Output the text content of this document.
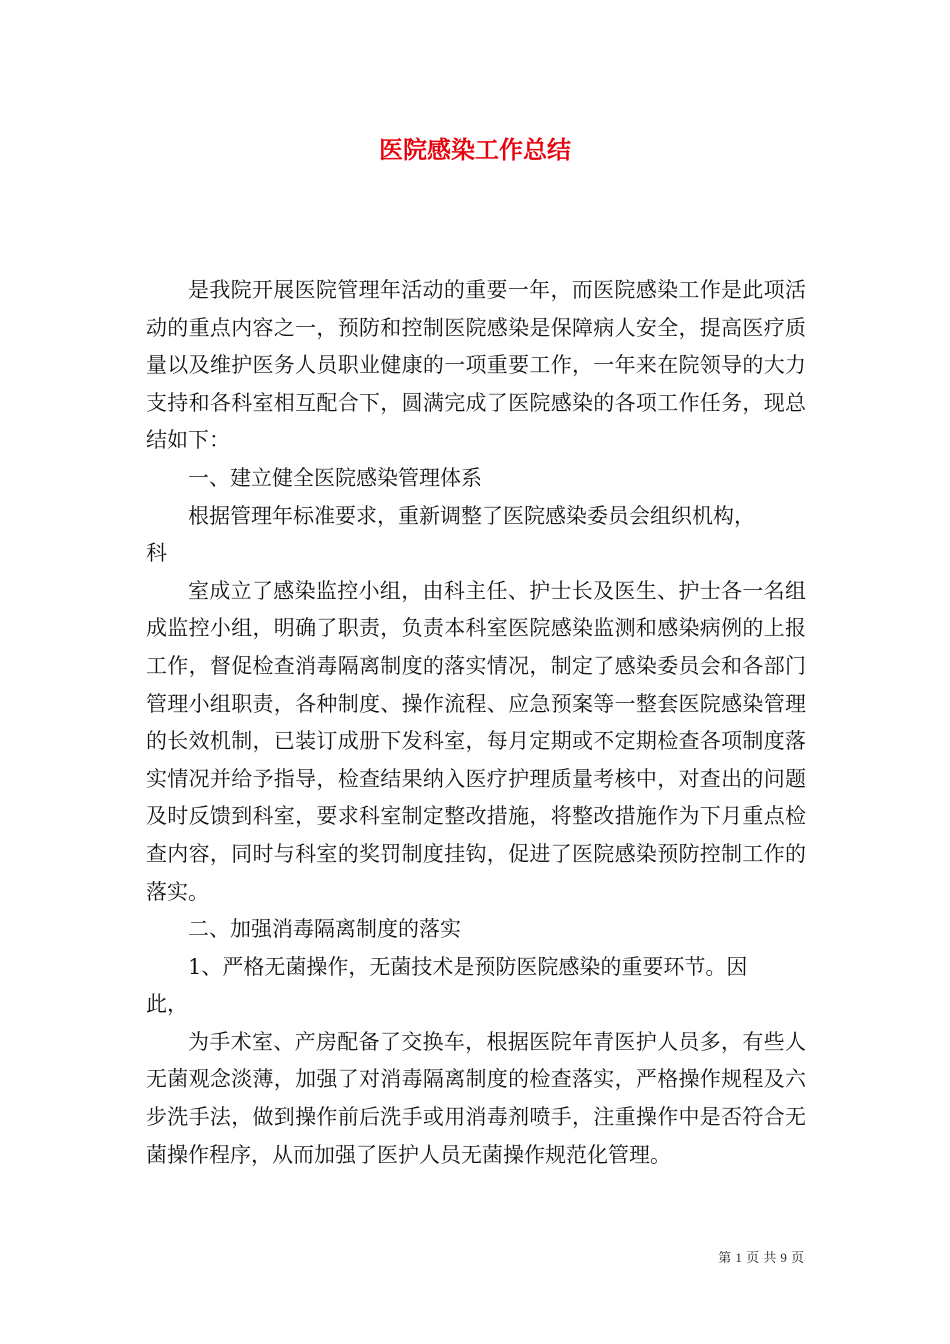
医院感染工作总结

是我院开展医院管理年活动的重要一年，而医院感染工作是此项活动的重点内容之一，预防和控制医院感染是保障病人安全，提高医疗质量以及维护医务人员职业健康的一项重要工作，一年来在院领导的大力支持和各科室相互配合下，圆满完成了医院感染的各项工作任务，现总结如下：

一、建立健全医院感染管理体系

根据管理年标准要求，重新调整了医院感染委员会组织机构，

科

室成立了感染监控小组，由科主任、护士长及医生、护士各一名组成监控小组，明确了职责，负责本科室医院感染监测和感染病例的上报工作，督促检查消毒隔离制度的落实情况，制定了感染委员会和各部门管理小组职责，各种制度、操作流程、应急预案等一整套医院感染管理的长效机制，已装订成册下发科室，每月定期或不定期检查各项制度落实情况并给予指导，检查结果纳入医疗护理质量考核中，对查出的问题及时反馈到科室，要求科室制定整改措施，将整改措施作为下月重点检查内容，同时与科室的奖罚制度挂钩，促进了医院感染预防控制工作的落实。

二、加强消毒隔离制度的落实

1、严格无菌操作，无菌技术是预防医院感染的重要环节。因

此，

为手术室、产房配备了交换车，根据医院年青医护人员多，有些人无菌观念淡薄，加强了对消毒隔离制度的检查落实，严格操作规程及六步洗手法，做到操作前后洗手或用消毒剂喷手，注重操作中是否符合无菌操作程序，从而加强了医护人员无菌操作规范化管理。

第 1 页 共 9 页
